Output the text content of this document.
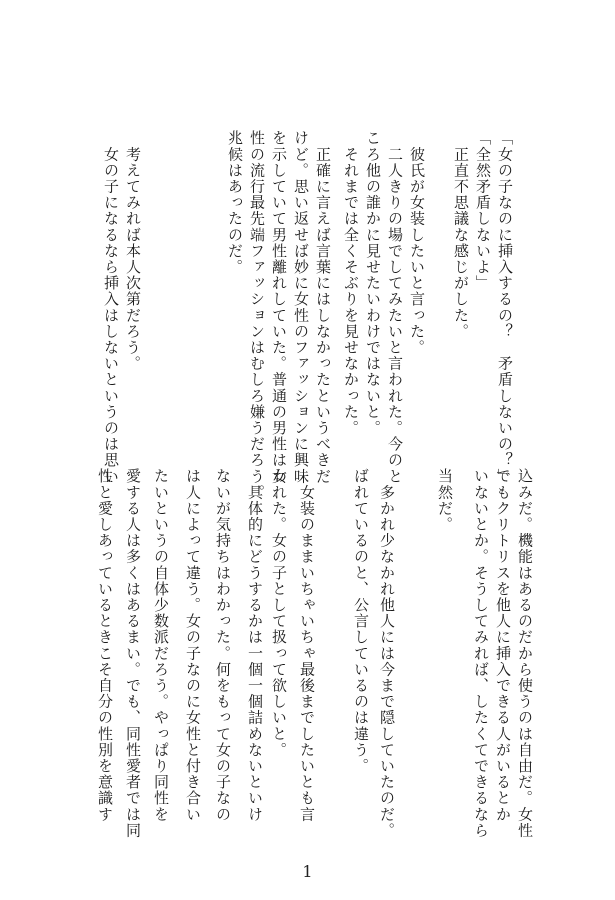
「女の子なのに挿入するの？　矛盾しないの？」
「全然矛盾しないよ」
　正直不思議な感じがした。
　彼氏が女装したいと言った。
　二人きりの場でしてみたいと言われた。今のと
ころ他の誰かに見せたいわけではないと。
　それまでは全くそぶりを見せなかった。
　正確に言えば言葉にはしなかったというべきだ
けど。思い返せば妙に女性のファッションに興味
を示していて男性離れしていた。普通の男性は女
性の流行最先端ファッションはむしろ嫌うだろう。
兆候はあったのだ。
　考えてみれば本人次第だろう。
　女の子になるなら挿入はしないというのは思い
込みだ。機能はあるのだから使うのは自由だ。女性
でもクリトリスを他人に挿入できる人がいるとか
いないとか。そうしてみれば、したくてできるなら
当然だ。
　多かれ少なかれ他人には今まで隠していたのだ。
ばれているのと、公言しているのは違う。
　女装のままいちゃいちゃ最後までしたいとも言
われた。女の子として扱って欲しいと。
　具体的にどうするかは一個一個詰めないといけ
ないが気持ちはわかった。何をもって女の子なの
は人によって違う。女の子なのに女性と付き合い
たいというの自体少数派だろう。やっぱり同性を
愛する人は多くはあるまい。でも、同性愛者では同
性と愛しあっているときこそ自分の性別を意識す
1
